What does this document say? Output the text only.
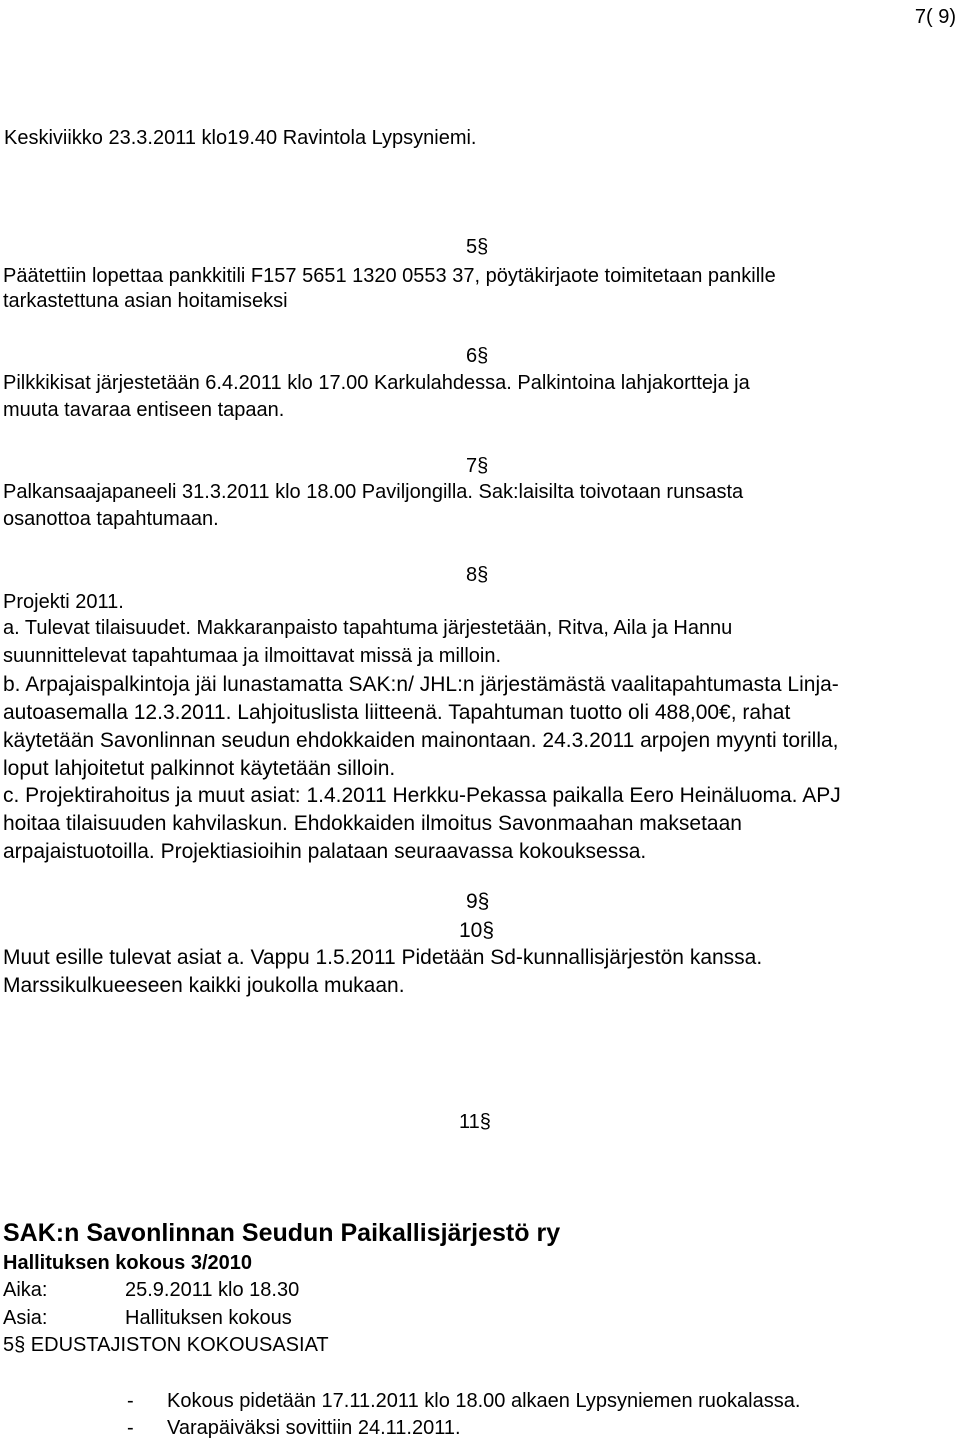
7( 9)
Keskiviikko 23.3.2011 klo19.40 Ravintola Lypsyniemi.
5§
Päätettiin lopettaa pankkitili F157 5651 1320 0553 37, pöytäkirjaote toimitetaan pankille
tarkastettuna asian hoitamiseksi
6§
Pilkkikisat järjestetään 6.4.2011 klo 17.00 Karkulahdessa. Palkintoina lahjakortteja ja
muuta tavaraa entiseen tapaan.
7§
Palkansaajapaneeli 31.3.2011 klo 18.00 Paviljongilla. Sak:laisilta toivotaan runsasta
osanottoa tapahtumaan.
8§
Projekti 2011.
a. Tulevat tilaisuudet. Makkaranpaisto tapahtuma järjestetään, Ritva, Aila ja Hannu
suunnittelevat tapahtumaa ja ilmoittavat missä ja milloin.
b. Arpajaispalkintoja jäi lunastamatta SAK:n/ JHL:n järjestämästä vaalitapahtumasta Linja-
autoasemalla 12.3.2011. Lahjoituslista liitteenä. Tapahtuman tuotto oli 488,00€, rahat
käytetään Savonlinnan seudun ehdokkaiden mainontaan. 24.3.2011 arpojen myynti torilla,
loput lahjoitetut palkinnot käytetään silloin.
c. Projektirahoitus ja muut asiat: 1.4.2011 Herkku-Pekassa paikalla Eero Heinäluoma. APJ
hoitaa tilaisuuden kahvilaskun. Ehdokkaiden ilmoitus Savonmaahan maksetaan
arpajaistuotoilla. Projektiasioihin palataan seuraavassa kokouksessa.
9§
10§
Muut esille tulevat asiat a. Vappu 1.5.2011 Pidetään Sd-kunnallisjärjestön kanssa.
Marssikulkueeseen kaikki joukolla mukaan.
11§
SAK:n Savonlinnan Seudun Paikallisjärjestö ry
Hallituksen kokous 3/2010
Aika:	25.9.2011 klo 18.30
Asia:	Hallituksen kokous
5§ EDUSTAJISTON KOKOUSASIAT
- Kokous pidetään 17.11.2011 klo 18.00 alkaen Lypsyniemen ruokalassa.
- Varapäiväksi sovittiin 24.11.2011.
